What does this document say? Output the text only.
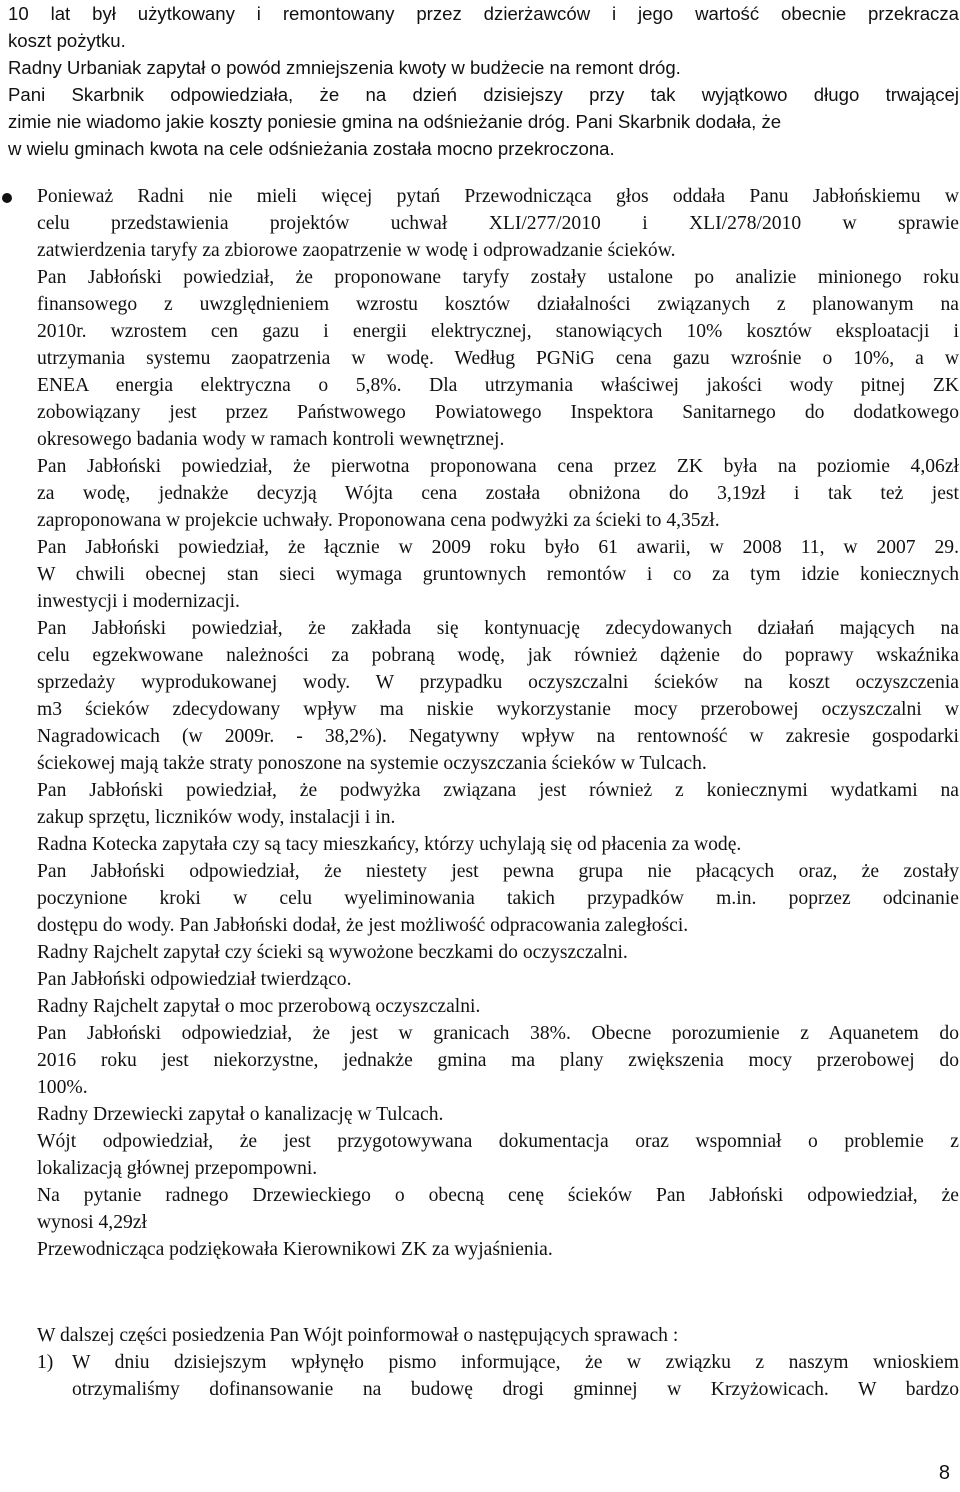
10 lat był użytkowany i remontowany przez dzierżawców i jego wartość obecnie przekracza

koszt pożytku.

Radny Urbaniak zapytał o powód zmniejszenia kwoty w budżecie na remont dróg.

Pani Skarbnik odpowiedziała, że na dzień dzisiejszy przy tak wyjątkowo długo trwającej

zimie nie wiadomo jakie koszty poniesie gmina na odśnieżanie dróg. Pani Skarbnik dodała, że

w wielu gminach kwota na cele odśnieżania została mocno przekroczona.

Ponieważ Radni nie mieli więcej pytań Przewodnicząca głos oddała Panu Jabłońskiemu w

celu przedstawienia projektów uchwał XLI/277/2010 i XLI/278/2010 w sprawie

zatwierdzenia taryfy za zbiorowe zaopatrzenie w wodę i odprowadzanie ścieków.

Pan Jabłoński powiedział, że proponowane taryfy zostały ustalone po analizie minionego roku

finansowego z uwzględnieniem wzrostu kosztów działalności związanych z planowanym na

2010r. wzrostem cen gazu i energii elektrycznej, stanowiących 10% kosztów eksploatacji i

utrzymania systemu zaopatrzenia w wodę. Według PGNiG cena gazu wzrośnie o 10%, a w

ENEA energia elektryczna o 5,8%. Dla utrzymania właściwej jakości wody pitnej ZK

zobowiązany jest przez Państwowego Powiatowego Inspektora Sanitarnego do dodatkowego

okresowego badania wody w ramach kontroli wewnętrznej.

Pan Jabłoński powiedział, że pierwotna proponowana cena przez ZK była na poziomie 4,06zł

za wodę, jednakże decyzją Wójta cena została obniżona do 3,19zł i tak też jest

zaproponowana w projekcie uchwały. Proponowana cena podwyżki za ścieki to 4,35zł.

Pan Jabłoński powiedział, że łącznie w 2009 roku było 61 awarii, w 2008 11, w 2007 29.

W chwili obecnej stan sieci wymaga gruntownych remontów i co za tym idzie koniecznych

inwestycji i modernizacji.

Pan Jabłoński powiedział, że zakłada się kontynuację zdecydowanych działań mających na

celu egzekwowane należności za pobraną wodę, jak również dążenie do poprawy wskaźnika

sprzedaży wyprodukowanej wody. W przypadku oczyszczalni ścieków na koszt oczyszczenia

m3 ścieków zdecydowany wpływ ma niskie wykorzystanie mocy przerobowej oczyszczalni w

Nagradowicach (w 2009r. - 38,2%). Negatywny wpływ na rentowność w zakresie gospodarki

ściekowej mają także straty ponoszone na systemie oczyszczania ścieków w Tulcach.

Pan Jabłoński powiedział, że podwyżka związana jest również z koniecznymi wydatkami na

zakup sprzętu, liczników wody, instalacji i in.

Radna Kotecka zapytała czy są tacy mieszkańcy, którzy uchylają się od płacenia za wodę.

Pan Jabłoński odpowiedział, że niestety jest pewna grupa nie płacących oraz, że zostały

poczynione kroki w celu wyeliminowania takich przypadków m.in. poprzez odcinanie

dostępu do wody. Pan Jabłoński dodał, że jest możliwość odpracowania zaległości.

Radny Rajchelt zapytał czy ścieki są wywożone beczkami do oczyszczalni.

Pan Jabłoński odpowiedział twierdząco.

Radny Rajchelt zapytał o moc przerobową oczyszczalni.

Pan Jabłoński odpowiedział, że jest w granicach 38%. Obecne porozumienie z Aquanetem do

2016 roku jest niekorzystne, jednakże gmina ma plany zwiększenia mocy przerobowej do

100%.

Radny Drzewiecki zapytał o kanalizację w Tulcach.

Wójt odpowiedział, że jest przygotowywana dokumentacja oraz wspomniał o problemie z

lokalizacją głównej przepompowni.

Na pytanie radnego Drzewieckiego o obecną cenę ścieków Pan Jabłoński odpowiedział, że

wynosi 4,29zł

Przewodnicząca podziękowała Kierownikowi ZK za wyjaśnienia.

W dalszej części posiedzenia Pan Wójt poinformował o następujących sprawach :

1) W dniu dzisiejszym wpłynęło pismo informujące, że w związku z naszym wnioskiem

otrzymaliśmy dofinansowanie na budowę drogi gminnej w Krzyżowicach. W bardzo

8
